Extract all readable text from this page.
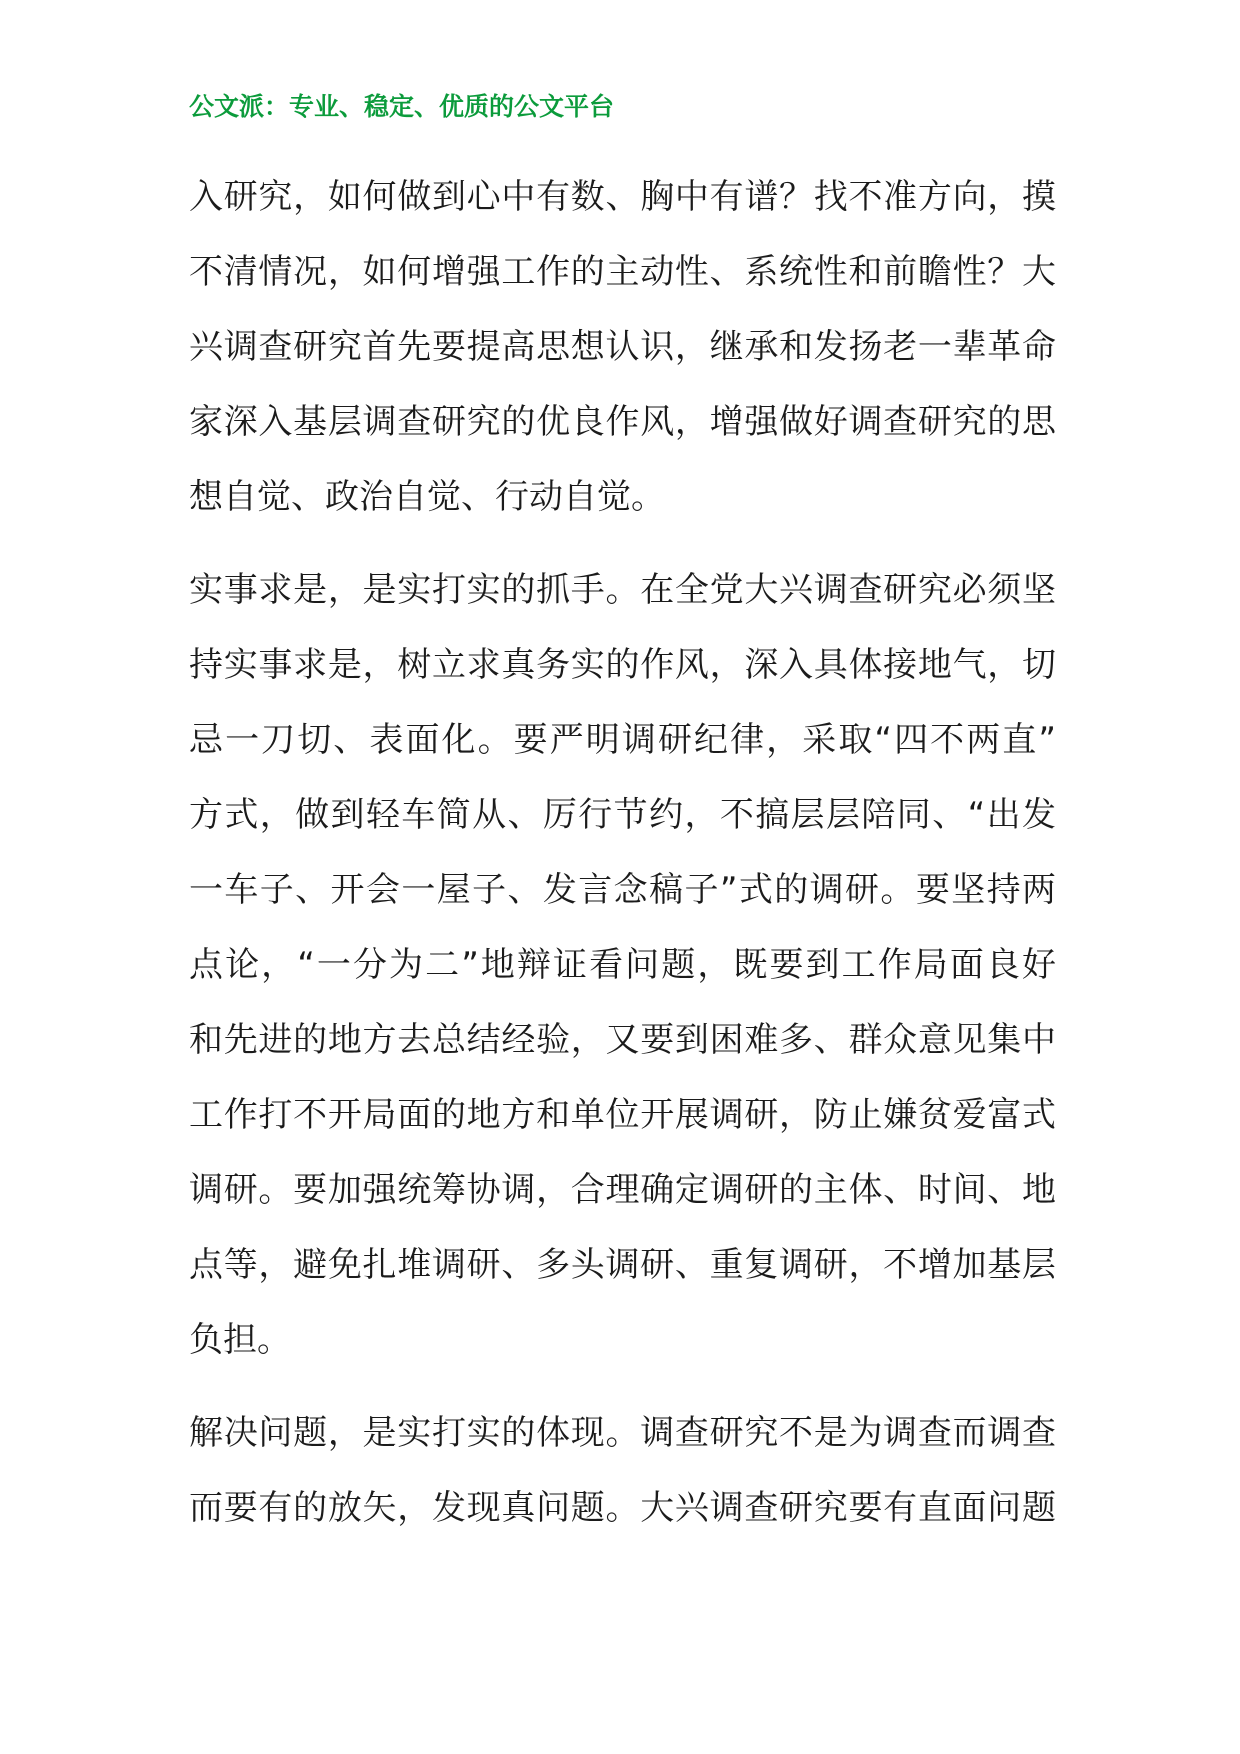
公文派：专业、稳定、优质的公文平台
入研究，如何做到心中有数、胸中有谱？找不准方向，摸
不清情况，如何增强工作的主动性、系统性和前瞻性？大
兴调查研究首先要提高思想认识，继承和发扬老一辈革命
家深入基层调查研究的优良作风，增强做好调查研究的思
想自觉、政治自觉、行动自觉。
实事求是，是实打实的抓手。在全党大兴调查研究必须坚
持实事求是，树立求真务实的作风，深入具体接地气，切
忌一刀切、表面化。要严明调研纪律，采取“四不两直”
方式，做到轻车简从、厉行节约，不搞层层陪同、“出发
一车子、开会一屋子、发言念稿子”式的调研。要坚持两
点论，“一分为二”地辩证看问题，既要到工作局面良好
和先进的地方去总结经验，又要到困难多、群众意见集中
工作打不开局面的地方和单位开展调研，防止嫌贫爱富式
调研。要加强统筹协调，合理确定调研的主体、时间、地
点等，避免扎堆调研、多头调研、重复调研，不增加基层
负担。
解决问题，是实打实的体现。调查研究不是为调查而调查
而要有的放矢，发现真问题。大兴调查研究要有直面问题
